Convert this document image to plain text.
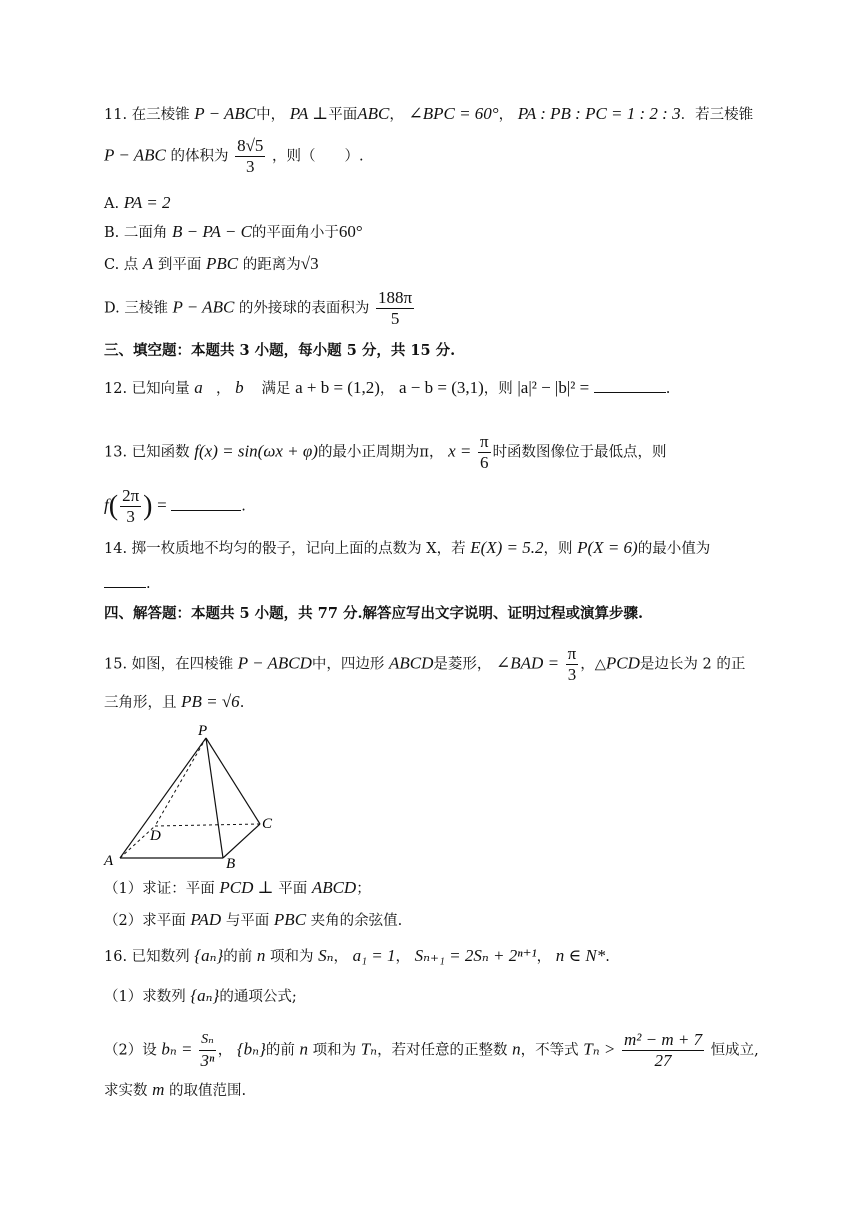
11. 在三棱锥 P − ABC中， PA ⊥平面ABC， ∠BPC = 60°， PA : PB : PC = 1 : 2 : 3．若三棱锥
P − ABC 的体积为 $\frac{8√5}{3}$ ，则（　　）.
A. PA = 2
B. 二面角 B − PA − C的平面角小于60°
C. 点 A 到平面 PBC 的距离为√3
D. 三棱锥 P − ABC 的外接球的表面积为 $\frac{188\pi}{5}$
三、填空题：本题共 3 小题，每小题 5 分，共 15 分.
12. 已知向量 a⃗， b⃗ 满足 a + b = (1,2)， a − b = (3,1)，则 |a|² − |b|² =	.
13. 已知函数 f(x) = sin(ωx + φ)的最小正周期为π， $x = \frac{\pi}{6}$ 时函数图像位于最低点，则
$f( \frac{2\pi}{3}$ ) =	.
14. 掷一枚质地不均匀的骰子，记向上面的点数为 X，若 E(X) = 5.2，则 P(X = 6)的最小值为
.
四、解答题：本题共 5 小题，共 77 分.解答应写出文字说明、证明过程或演算步骤.
15. 如图，在四棱锥 P − ABCD中，四边形 ABCD是菱形， ∠BAD = $\frac{\pi}{3}$ ，△PCD是边长为 2 的正
三角形，且 PB = √6.
P
A	B
C
D
（1）求证：平面 PCD ⊥ 平面 ABCD；
（2）求平面 PAD 与平面 PBC 夹角的余弦值.
16. 已知数列 {aₙ}的前 n 项和为 Sₙ， a₁ = 1， Sₙ₊₁ = 2Sₙ + 2ⁿ⁺¹， n ∈ N*.
（1）求数列 {aₙ}的通项公式;
（2）设 $b_n = \frac{\text{Sₙ}}{\text{3ⁿ}}$ ， {bₙ}的前 n 项和为 Tₙ，若对任意的正整数 n，不等式 $T_n > \frac{\text{m² − m + 7}}{27}$ 恒成立,
求实数 m 的取值范围.
